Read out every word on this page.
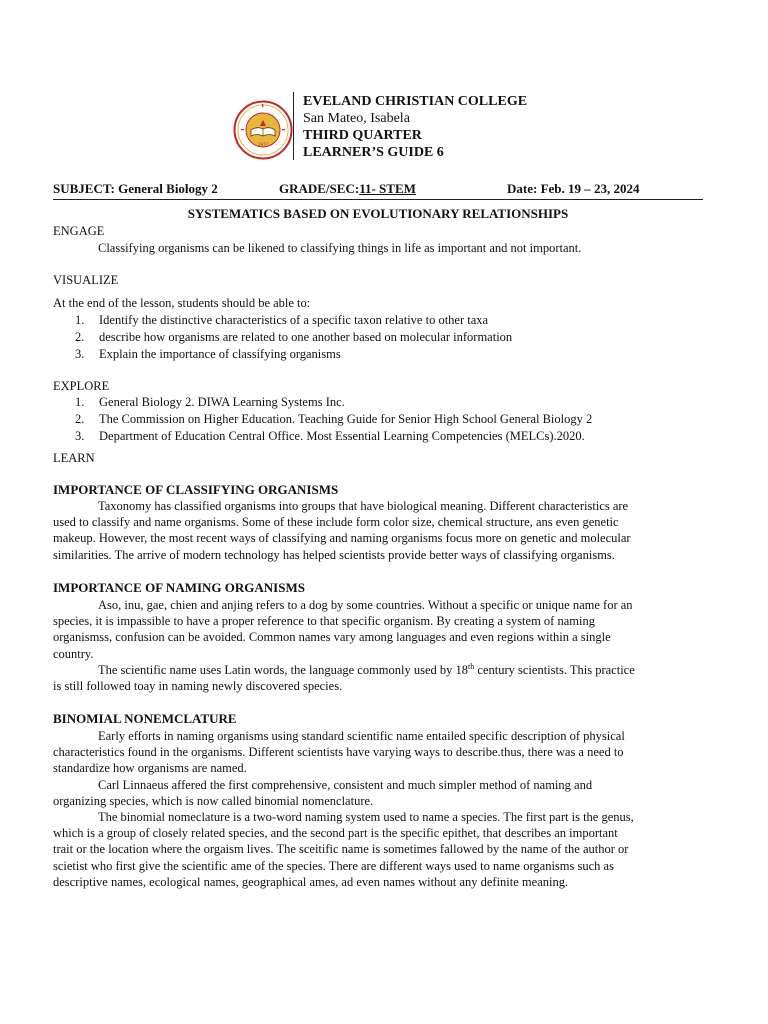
1977
EVELAND CHRISTIAN COLLEGE
San Mateo, Isabela
THIRD QUARTER
LEARNER’S GUIDE 6
SUBJECT: General Biology 2	GRADE/SEC:11- STEM	Date: Feb. 19 – 23, 2024
SYSTEMATICS BASED ON EVOLUTIONARY RELATIONSHIPS
ENGAGE
Classifying organisms can be likened to classifying things in life as important and not important.
VISUALIZE
At the end of the lesson, students should be able to:
1.	Identify the distinctive characteristics of a specific taxon relative to other taxa
2.	describe how organisms are related to one another based on molecular information
3.	Explain the importance of classifying organisms
EXPLORE
1.	General Biology 2. DIWA Learning Systems Inc.
2.	The Commission on Higher Education. Teaching Guide for Senior High School General Biology 2
3.	Department of Education Central Office. Most Essential Learning Competencies (MELCs).2020.
LEARN
IMPORTANCE OF CLASSIFYING ORGANISMS
Taxonomy has classified organisms into groups that have biological meaning. Different characteristics are
used to classify and name organisms. Some of these include form color size, chemical structure, ans even genetic
makeup. However, the most recent ways of classifying and naming organisms focus more on genetic and molecular
similarities. The arrive of modern technology has helped scientists provide better ways of classifying organisms.
IMPORTANCE OF NAMING ORGANISMS
Aso, inu, gae, chien and anjing refers to a dog by some countries. Without a specific or unique name for an
species, it is impassible to have a proper reference to that specific organism. By creating a system of naming
organismss, confusion can be avoided. Common names vary among languages and even regions within a single
country.
The scientific name uses Latin words, the language commonly used by 18th century scientists. This practice
is still followed toay in naming newly discovered species.
BINOMIAL NONEMCLATURE
Early efforts in naming organisms using standard scientific name entailed specific description of physical
characteristics found in the organisms. Different scientists have varying ways to describe.thus, there was a need to
standardize how organisms are named.
Carl Linnaeus affered the first comprehensive, consistent and much simpler method of naming and
organizing species, which is now called binomial nomenclature.
The binomial nomeclature is a two-word naming system used to name a species. The first part is the genus,
which is a group of closely related species, and the second part is the specific epithet, that describes an important
trait or the location where the orgaism lives. The sceitific name is sometimes fallowed by the name of the author or
scietist who first give the scientific ame of the species. There are different ways used to name organisms such as
descriptive names, ecological names, geographical ames, ad even names without any definite meaning.
